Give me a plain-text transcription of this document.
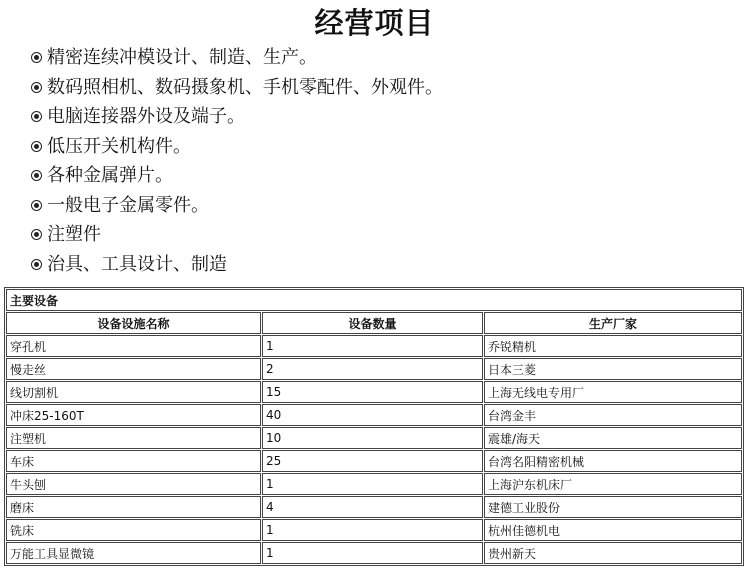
经营项目
精密连续冲模设计、制造、生产。
数码照相机、数码摄象机、手机零配件、外观件。
电脑连接器外设及端子。
低压开关机构件。
各种金属弹片。
一般电子金属零件。
注塑件
治具、工具设计、制造
主要设备		
设备设施名称	设备数量	生产厂家
穿孔机	1	乔锐精机
慢走丝	2	日本三菱
线切割机	15	上海无线电专用厂
冲床25-160T	40	台湾金丰
注塑机	10	震雄/海天
车床	25	台湾名阳精密机械
牛头刨	1	上海沪东机床厂
磨床	4	建德工业股份
铣床	1	杭州佳德机电
万能工具显微镜	1	贵州新天
